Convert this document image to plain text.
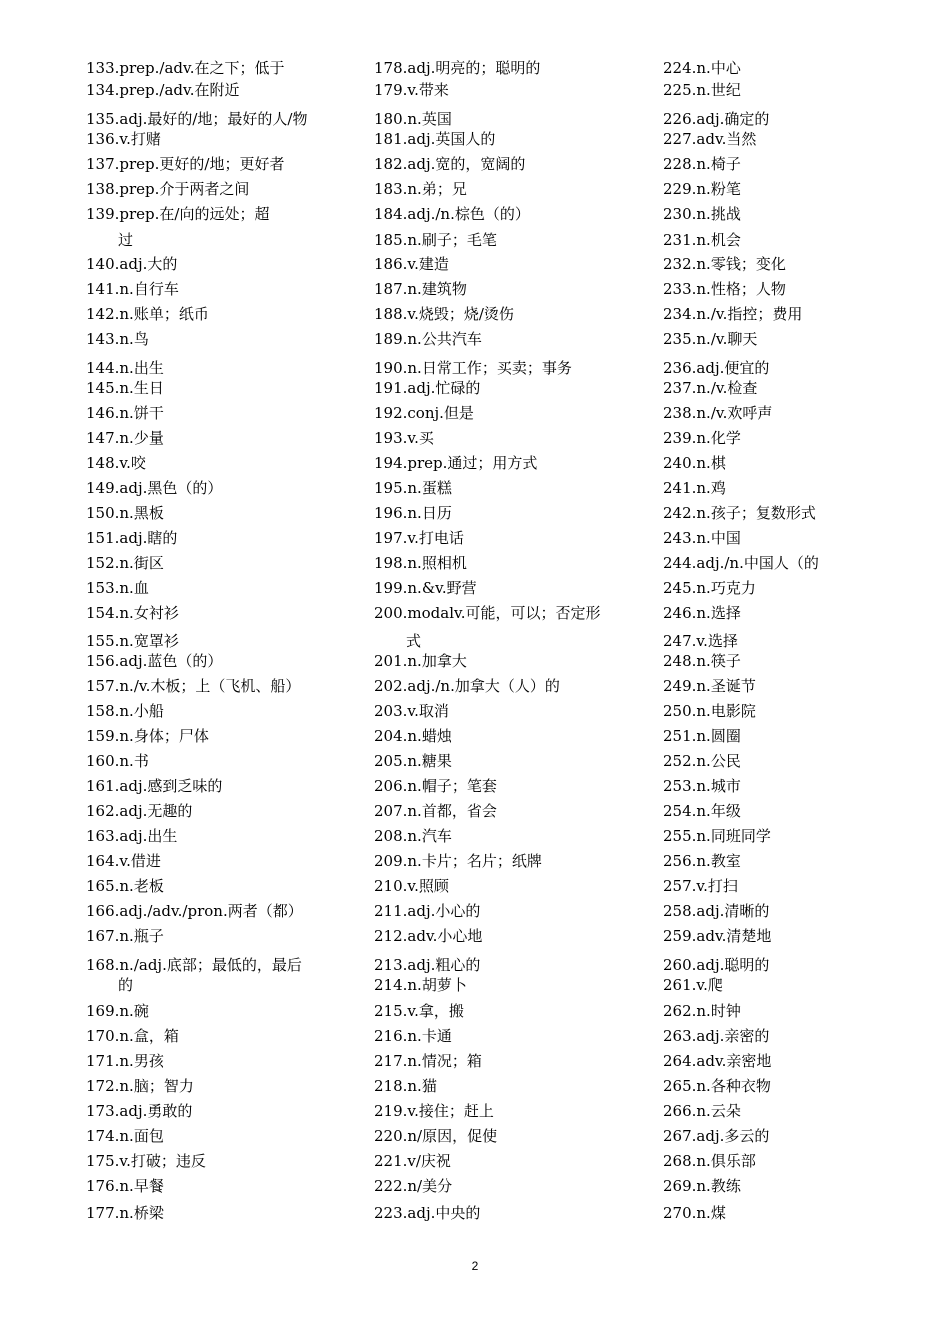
133.prep./adv.在之下；低于
134.prep./adv.在附近
135.adj.最好的/地；最好的人/物
136.v.打赌
137.prep.更好的/地；更好者
138.prep.介于两者之间
139.prep.在/向的远处；超
过
140.adj.大的
141.n.自行车
142.n.账单；纸币
143.n.鸟
144.n.出生
145.n.生日
146.n.饼干
147.n.少量
148.v.咬
149.adj.黑色（的）
150.n.黑板
151.adj.瞎的
152.n.街区
153.n.血
154.n.女衬衫
155.n.宽罩衫
156.adj.蓝色（的）
157.n./v.木板；上（飞机、船）
158.n.小船
159.n.身体；尸体
160.n.书
161.adj.感到乏味的
162.adj.无趣的
163.adj.出生
164.v.借进
165.n.老板
166.adj./adv./pron.两者（都）
167.n.瓶子
168.n./adj.底部；最低的，最后
的
169.n.碗
170.n.盒，箱
171.n.男孩
172.n.脑；智力
173.adj.勇敢的
174.n.面包
175.v.打破；违反
176.n.早餐
177.n.桥梁
178.adj.明亮的；聪明的
179.v.带来
180.n.英国
181.adj.英国人的
182.adj.宽的，宽阔的
183.n.弟；兄
184.adj./n.棕色（的）
185.n.刷子；毛笔
186.v.建造
187.n.建筑物
188.v.烧毁；烧/烫伤
189.n.公共汽车
190.n.日常工作；买卖；事务
191.adj.忙碌的
192.conj.但是
193.v.买
194.prep.通过；用方式
195.n.蛋糕
196.n.日历
197.v.打电话
198.n.照相机
199.n.&v.野营
200.modalv.可能，可以；否定形
式
201.n.加拿大
202.adj./n.加拿大（人）的
203.v.取消
204.n.蜡烛
205.n.糖果
206.n.帽子；笔套
207.n.首都，省会
208.n.汽车
209.n.卡片；名片；纸牌
210.v.照顾
211.adj.小心的
212.adv.小心地
213.adj.粗心的
214.n.胡萝卜
215.v.拿，搬
216.n.卡通
217.n.情况；箱
218.n.猫
219.v.接住；赶上
220.n/原因，促使
221.v/庆祝
222.n/美分
223.adj.中央的
224.n.中心
225.n.世纪
226.adj.确定的
227.adv.当然
228.n.椅子
229.n.粉笔
230.n.挑战
231.n.机会
232.n.零钱；变化
233.n.性格；人物
234.n./v.指控；费用
235.n./v.聊天
236.adj.便宜的
237.n./v.检查
238.n./v.欢呼声
239.n.化学
240.n.棋
241.n.鸡
242.n.孩子；复数形式
243.n.中国
244.adj./n.中国人（的
245.n.巧克力
246.n.选择
247.v.选择
248.n.筷子
249.n.圣诞节
250.n.电影院
251.n.圆圈
252.n.公民
253.n.城市
254.n.年级
255.n.同班同学
256.n.教室
257.v.打扫
258.adj.清晰的
259.adv.清楚地
260.adj.聪明的
261.v.爬
262.n.时钟
263.adj.亲密的
264.adv.亲密地
265.n.各种衣物
266.n.云朵
267.adj.多云的
268.n.俱乐部
269.n.教练
270.n.煤
2
